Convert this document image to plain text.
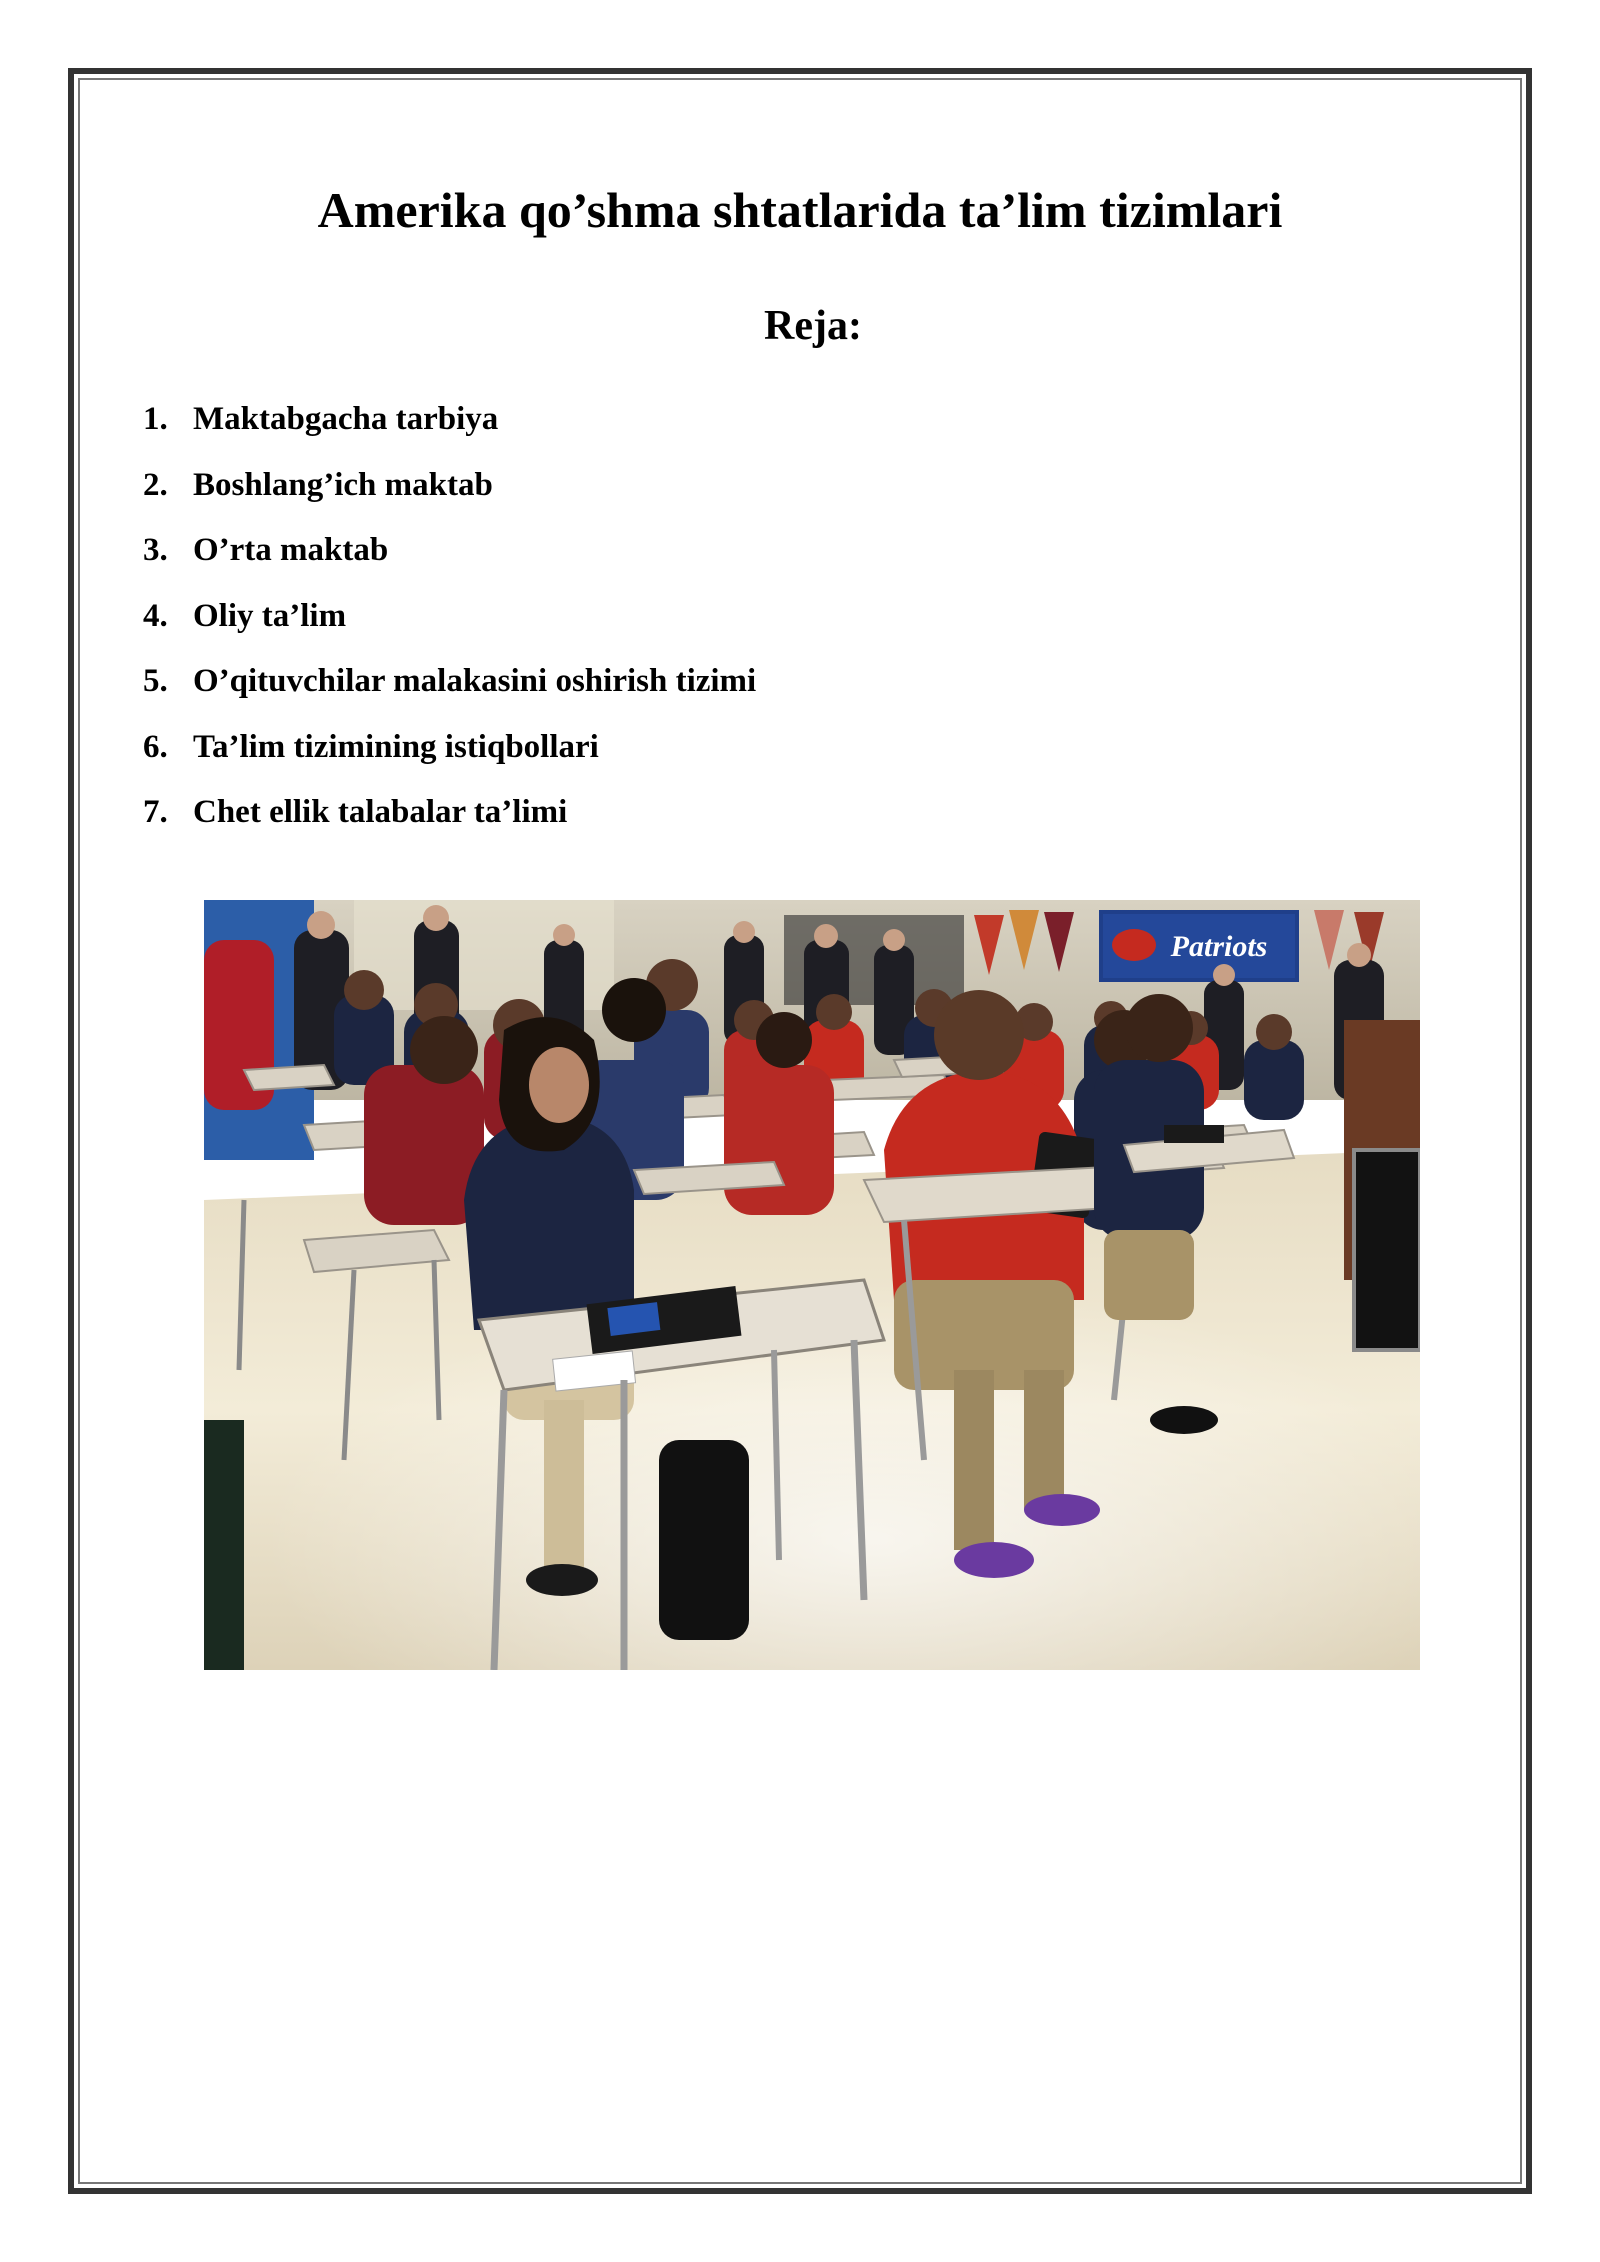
Amerika qo’shma shtatlarida ta’lim tizimlari
Reja:
1. Maktabgacha tarbiya
2. Boshlang’ich maktab
3. O’rta maktab
4. Oliy ta’lim
5. O’qituvchilar malakasini oshirish tizimi
6. Ta’lim tizimining istiqbollari
7. Chet ellik talabalar ta’limi
Patriots
